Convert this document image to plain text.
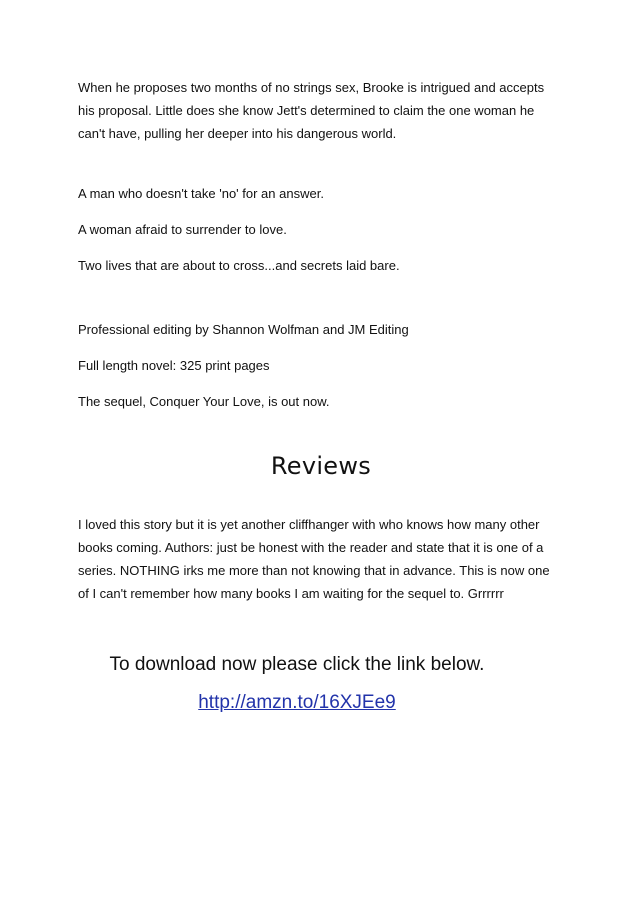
When he proposes two months of no strings sex, Brooke is intrigued and accepts his proposal. Little does she know Jett's determined to claim the one woman he can't have, pulling her deeper into his dangerous world.

A man who doesn't take 'no' for an answer.

A woman afraid to surrender to love.

Two lives that are about to cross...and secrets laid bare.

Professional editing by Shannon Wolfman and JM Editing

Full length novel: 325 print pages

The sequel, Conquer Your Love, is out now.

Reviews

I loved this story but it is yet another cliffhanger with who knows how many other books coming. Authors: just be honest with the reader and state that it is one of a series. NOTHING irks me more than not knowing that in advance. This is now one of I can't remember how many books I am waiting for the sequel to. Grrrrrr

To download now please click the link below.
http://amzn.to/16XJEe9
